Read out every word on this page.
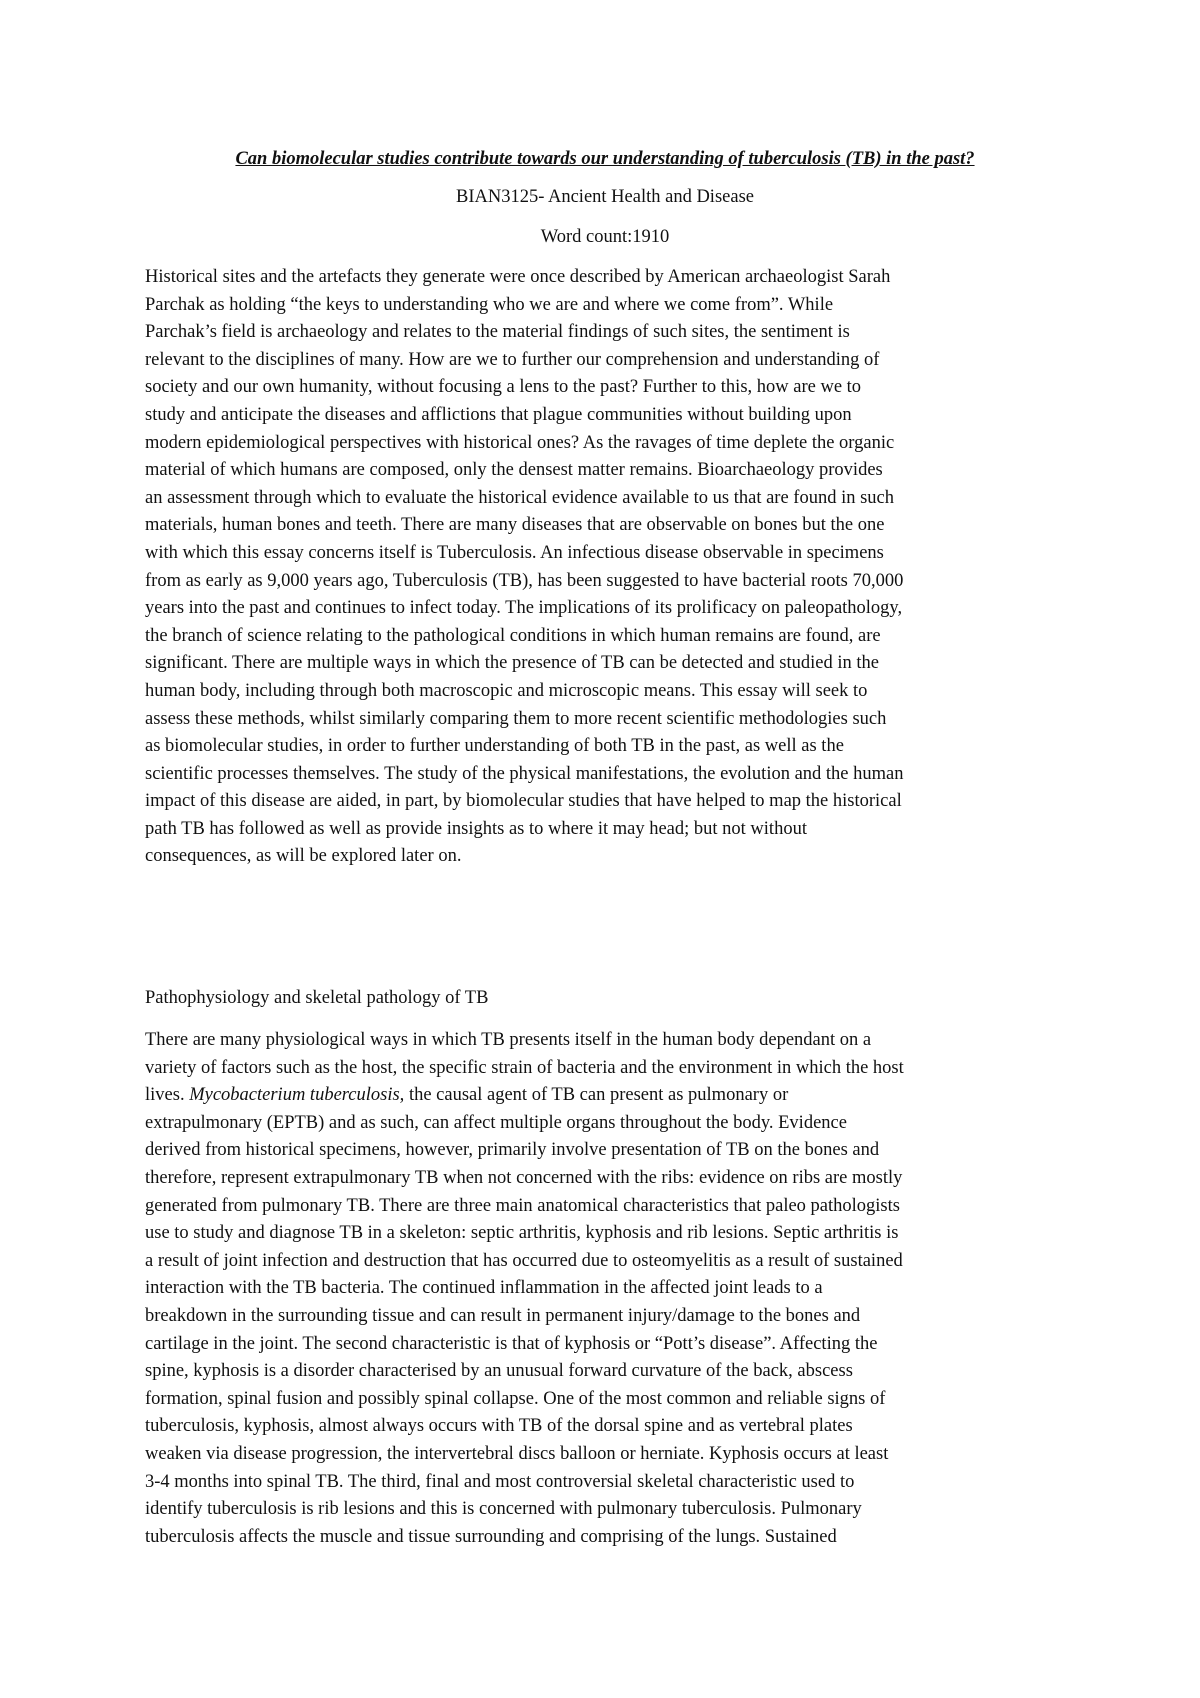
Can biomolecular studies contribute towards our understanding of tuberculosis (TB) in the past?

BIAN3125- Ancient Health and Disease

Word count:1910

Historical sites and the artefacts they generate were once described by American archaeologist Sarah
Parchak as holding “the keys to understanding who we are and where we come from”. While
Parchak’s field is archaeology and relates to the material findings of such sites, the sentiment is
relevant to the disciplines of many. How are we to further our comprehension and understanding of
society and our own humanity, without focusing a lens to the past? Further to this, how are we to
study and anticipate the diseases and afflictions that plague communities without building upon
modern epidemiological perspectives with historical ones? As the ravages of time deplete the organic
material of which humans are composed, only the densest matter remains. Bioarchaeology provides
an assessment through which to evaluate the historical evidence available to us that are found in such
materials, human bones and teeth. There are many diseases that are observable on bones but the one
with which this essay concerns itself is Tuberculosis. An infectious disease observable in specimens
from as early as 9,000 years ago, Tuberculosis (TB), has been suggested to have bacterial roots 70,000
years into the past and continues to infect today. The implications of its prolificacy on paleopathology,
the branch of science relating to the pathological conditions in which human remains are found, are
significant. There are multiple ways in which the presence of TB can be detected and studied in the
human body, including through both macroscopic and microscopic means. This essay will seek to
assess these methods, whilst similarly comparing them to more recent scientific methodologies such
as biomolecular studies, in order to further understanding of both TB in the past, as well as the
scientific processes themselves. The study of the physical manifestations, the evolution and the human
impact of this disease are aided, in part, by biomolecular studies that have helped to map the historical
path TB has followed as well as provide insights as to where it may head; but not without
consequences, as will be explored later on.

Pathophysiology and skeletal pathology of TB

There are many physiological ways in which TB presents itself in the human body dependant on a
variety of factors such as the host, the specific strain of bacteria and the environment in which the host
lives. Mycobacterium tuberculosis, the causal agent of TB can present as pulmonary or
extrapulmonary (EPTB) and as such, can affect multiple organs throughout the body. Evidence
derived from historical specimens, however, primarily involve presentation of TB on the bones and
therefore, represent extrapulmonary TB when not concerned with the ribs: evidence on ribs are mostly
generated from pulmonary TB. There are three main anatomical characteristics that paleo pathologists
use to study and diagnose TB in a skeleton: septic arthritis, kyphosis and rib lesions. Septic arthritis is
a result of joint infection and destruction that has occurred due to osteomyelitis as a result of sustained
interaction with the TB bacteria. The continued inflammation in the affected joint leads to a
breakdown in the surrounding tissue and can result in permanent injury/damage to the bones and
cartilage in the joint. The second characteristic is that of kyphosis or “Pott’s disease”. Affecting the
spine, kyphosis is a disorder characterised by an unusual forward curvature of the back, abscess
formation, spinal fusion and possibly spinal collapse. One of the most common and reliable signs of
tuberculosis, kyphosis, almost always occurs with TB of the dorsal spine and as vertebral plates
weaken via disease progression, the intervertebral discs balloon or herniate. Kyphosis occurs at least
3-4 months into spinal TB. The third, final and most controversial skeletal characteristic used to
identify tuberculosis is rib lesions and this is concerned with pulmonary tuberculosis. Pulmonary
tuberculosis affects the muscle and tissue surrounding and comprising of the lungs. Sustained
